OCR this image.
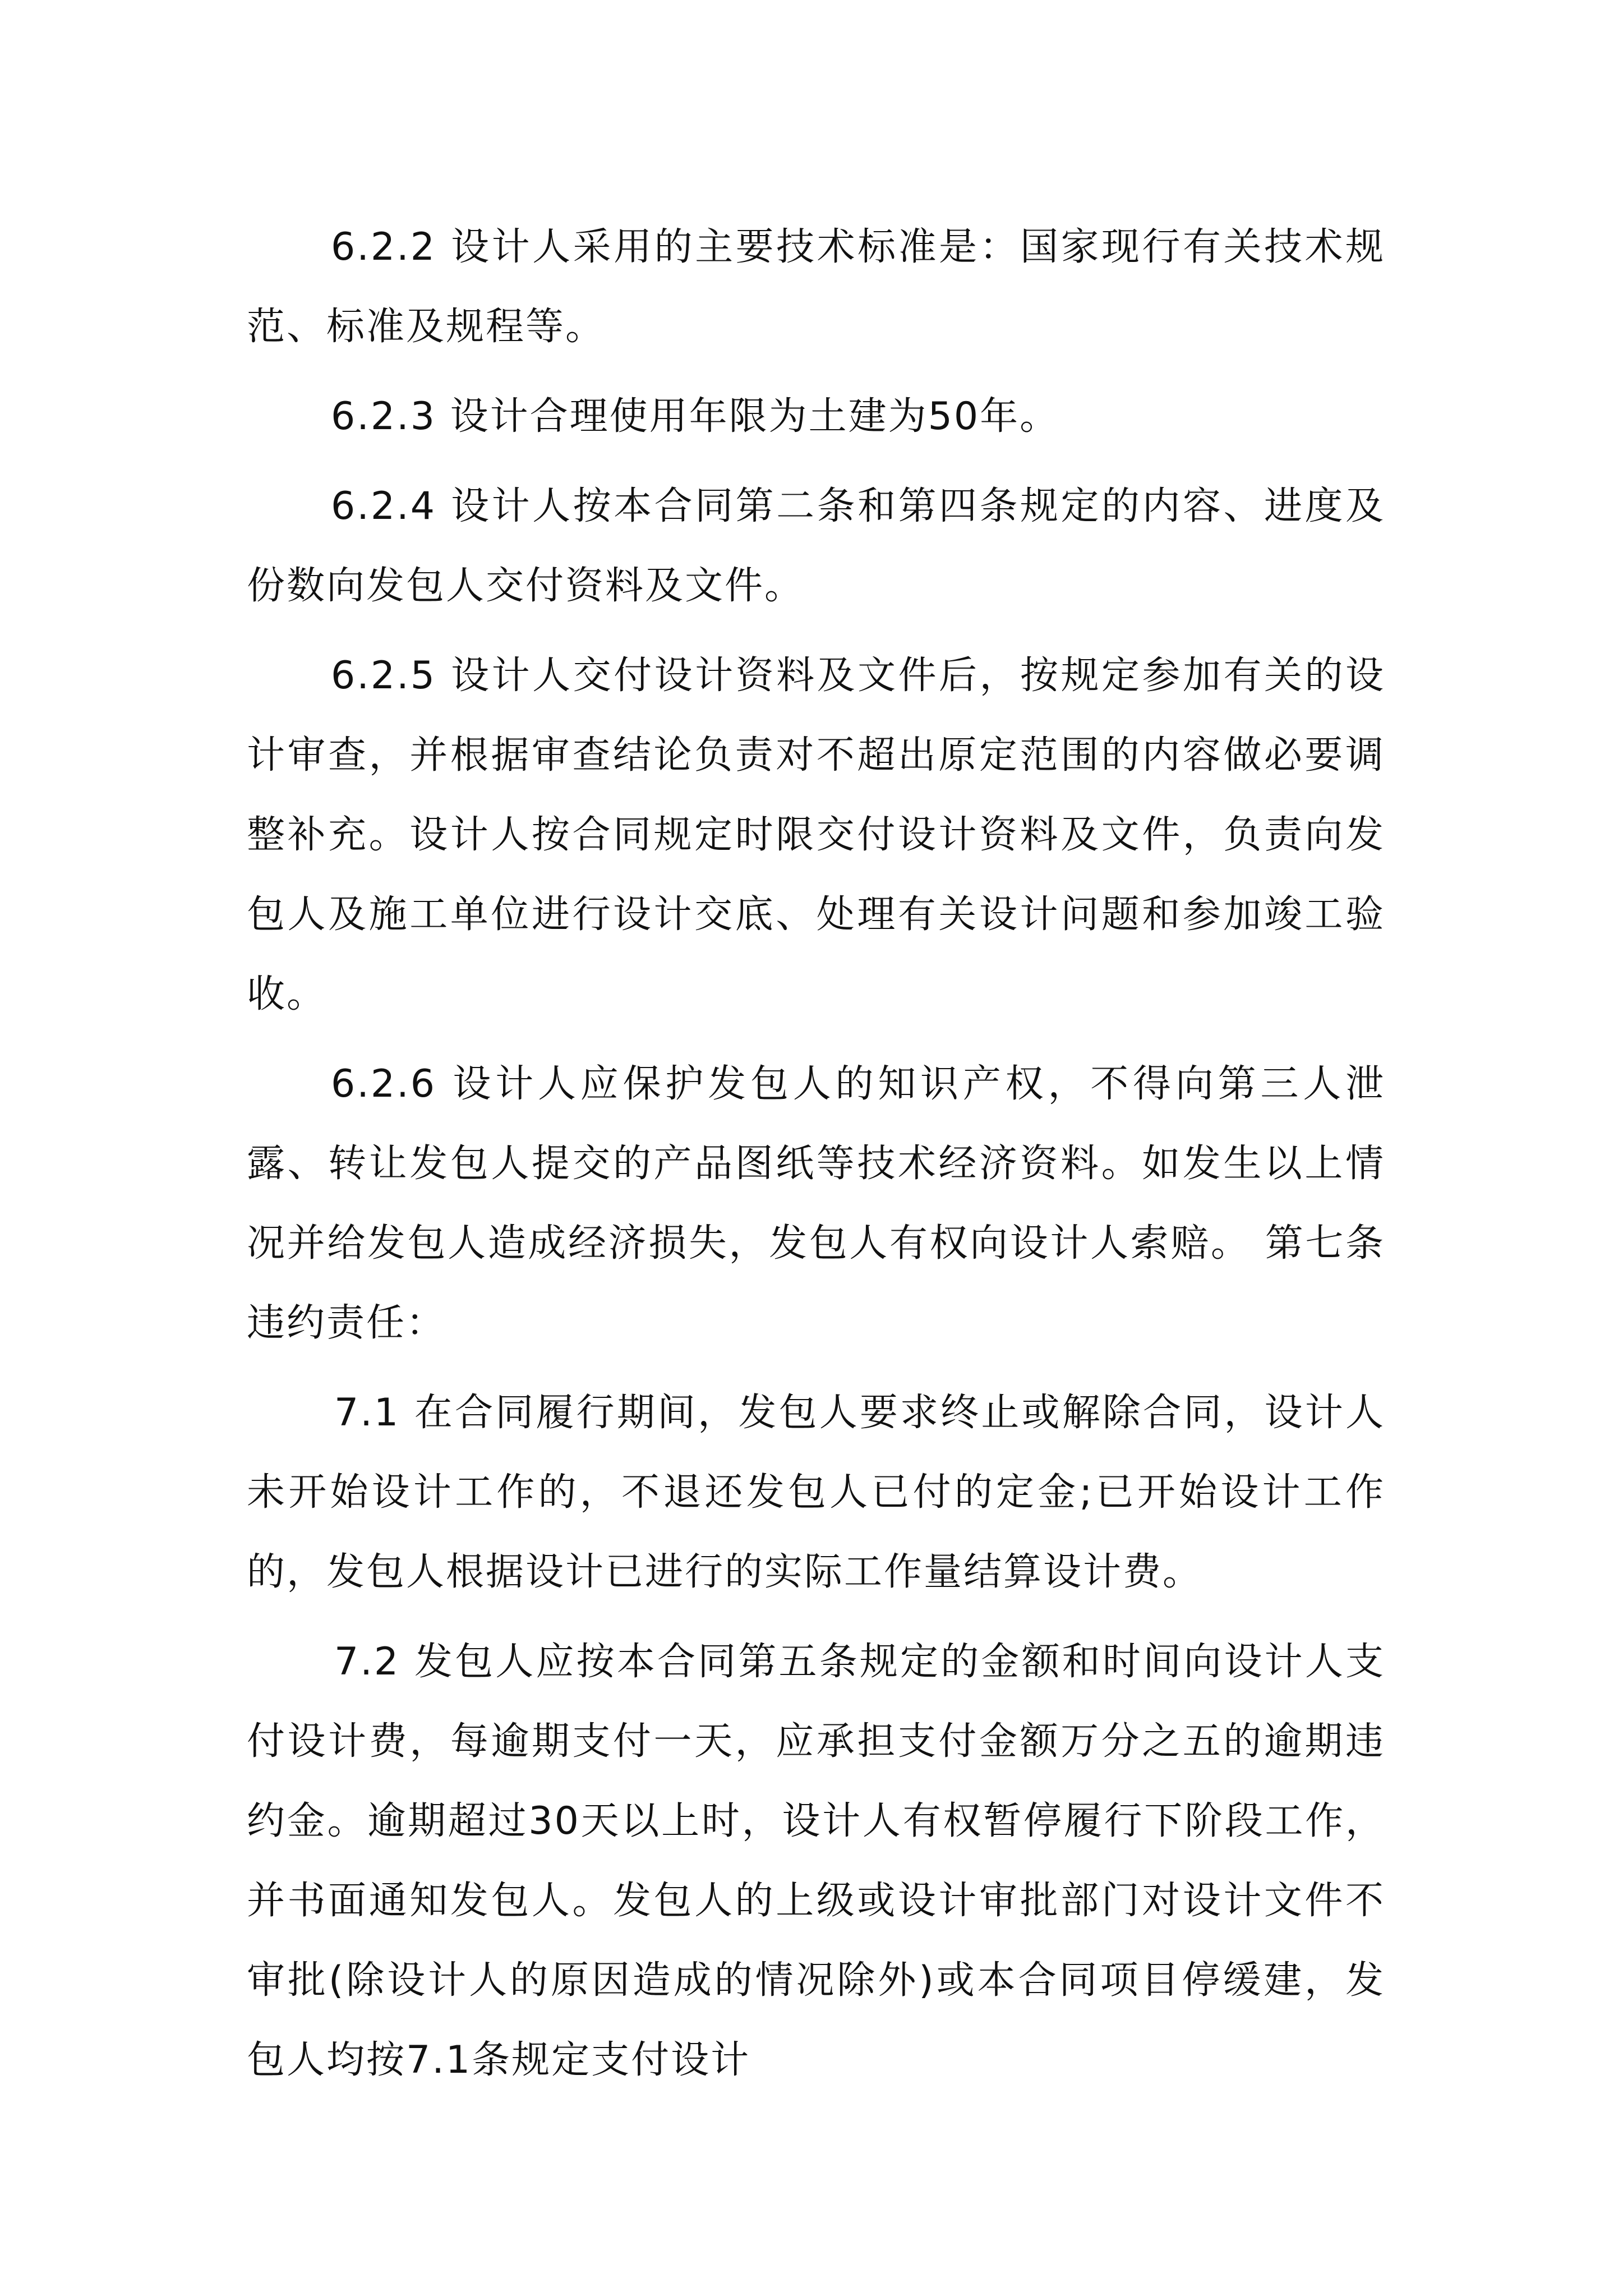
6.2.2 设计人采用的主要技术标准是：国家现行有关技术规范、标准及规程等。

6.2.3 设计合理使用年限为土建为50年。

6.2.4 设计人按本合同第二条和第四条规定的内容、进度及份数向发包人交付资料及文件。

6.2.5 设计人交付设计资料及文件后，按规定参加有关的设计审查，并根据审查结论负责对不超出原定范围的内容做必要调整补充。设计人按合同规定时限交付设计资料及文件，负责向发包人及施工单位进行设计交底、处理有关设计问题和参加竣工验收。

6.2.6 设计人应保护发包人的知识产权，不得向第三人泄露、转让发包人提交的产品图纸等技术经济资料。如发生以上情况并给发包人造成经济损失，发包人有权向设计人索赔。 第七条 违约责任：

7.1 在合同履行期间，发包人要求终止或解除合同，设计人未开始设计工作的，不退还发包人已付的定金;已开始设计工作的，发包人根据设计已进行的实际工作量结算设计费。

7.2 发包人应按本合同第五条规定的金额和时间向设计人支付设计费，每逾期支付一天，应承担支付金额万分之五的逾期违约金。逾期超过30天以上时，设计人有权暂停履行下阶段工作，并书面通知发包人。发包人的上级或设计审批部门对设计文件不审批(除设计人的原因造成的情况除外)或本合同项目停缓建，发包人均按7.1条规定支付设计
